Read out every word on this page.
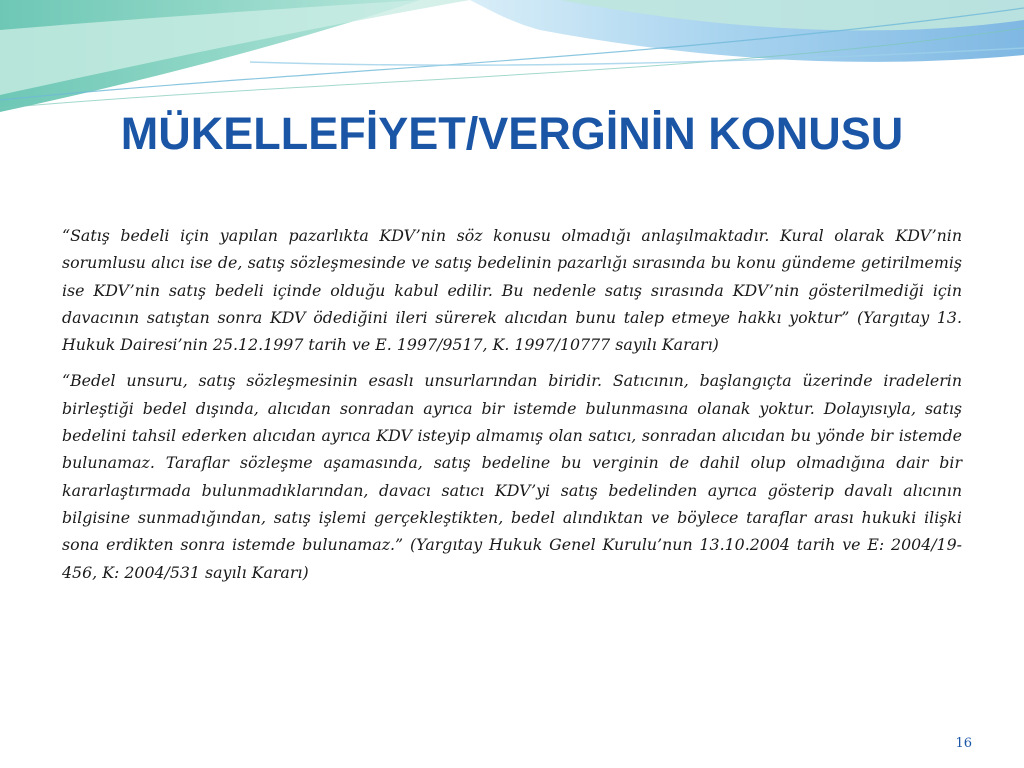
MÜKELLEFİYET/VERGİNİN KONUSU

“Satış bedeli için yapılan pazarlıkta KDV’nin söz konusu olmadığı anlaşılmaktadır. Kural olarak KDV’nin sorumlusu alıcı ise de, satış sözleşmesinde ve satış bedelinin pazarlığı sırasında bu konu gündeme getirilmemiş ise KDV’nin satış bedeli içinde olduğu kabul edilir. Bu nedenle satış sırasında KDV’nin gösterilmediği için davacının satıştan sonra KDV ödediğini ileri sürerek alıcıdan bunu talep etmeye hakkı yoktur” (Yargıtay 13. Hukuk Dairesi’nin 25.12.1997 tarih ve E. 1997/9517, K. 1997/10777 sayılı Kararı)

“Bedel unsuru, satış sözleşmesinin esaslı unsurlarından biridir. Satıcının, başlangıçta üzerinde iradelerin birleştiği bedel dışında, alıcıdan sonradan ayrıca bir istemde bulunmasına olanak yoktur. Dolayısıyla, satış bedelini tahsil ederken alıcıdan ayrıca KDV isteyip almamış olan satıcı, sonradan alıcıdan bu yönde bir istemde bulunamaz. Taraflar sözleşme aşamasında, satış bedeline bu verginin de dahil olup olmadığına dair bir kararlaştırmada bulunmadıklarından, davacı satıcı KDV’yi satış bedelinden ayrıca gösterip davalı alıcının bilgisine sunmadığından, satış işlemi gerçekleştikten, bedel alındıktan ve böylece taraflar arası hukuki ilişki sona erdikten sonra istemde bulunamaz.” (Yargıtay Hukuk Genel Kurulu’nun 13.10.2004 tarih ve E: 2004/19-456, K: 2004/531 sayılı Kararı)

16
